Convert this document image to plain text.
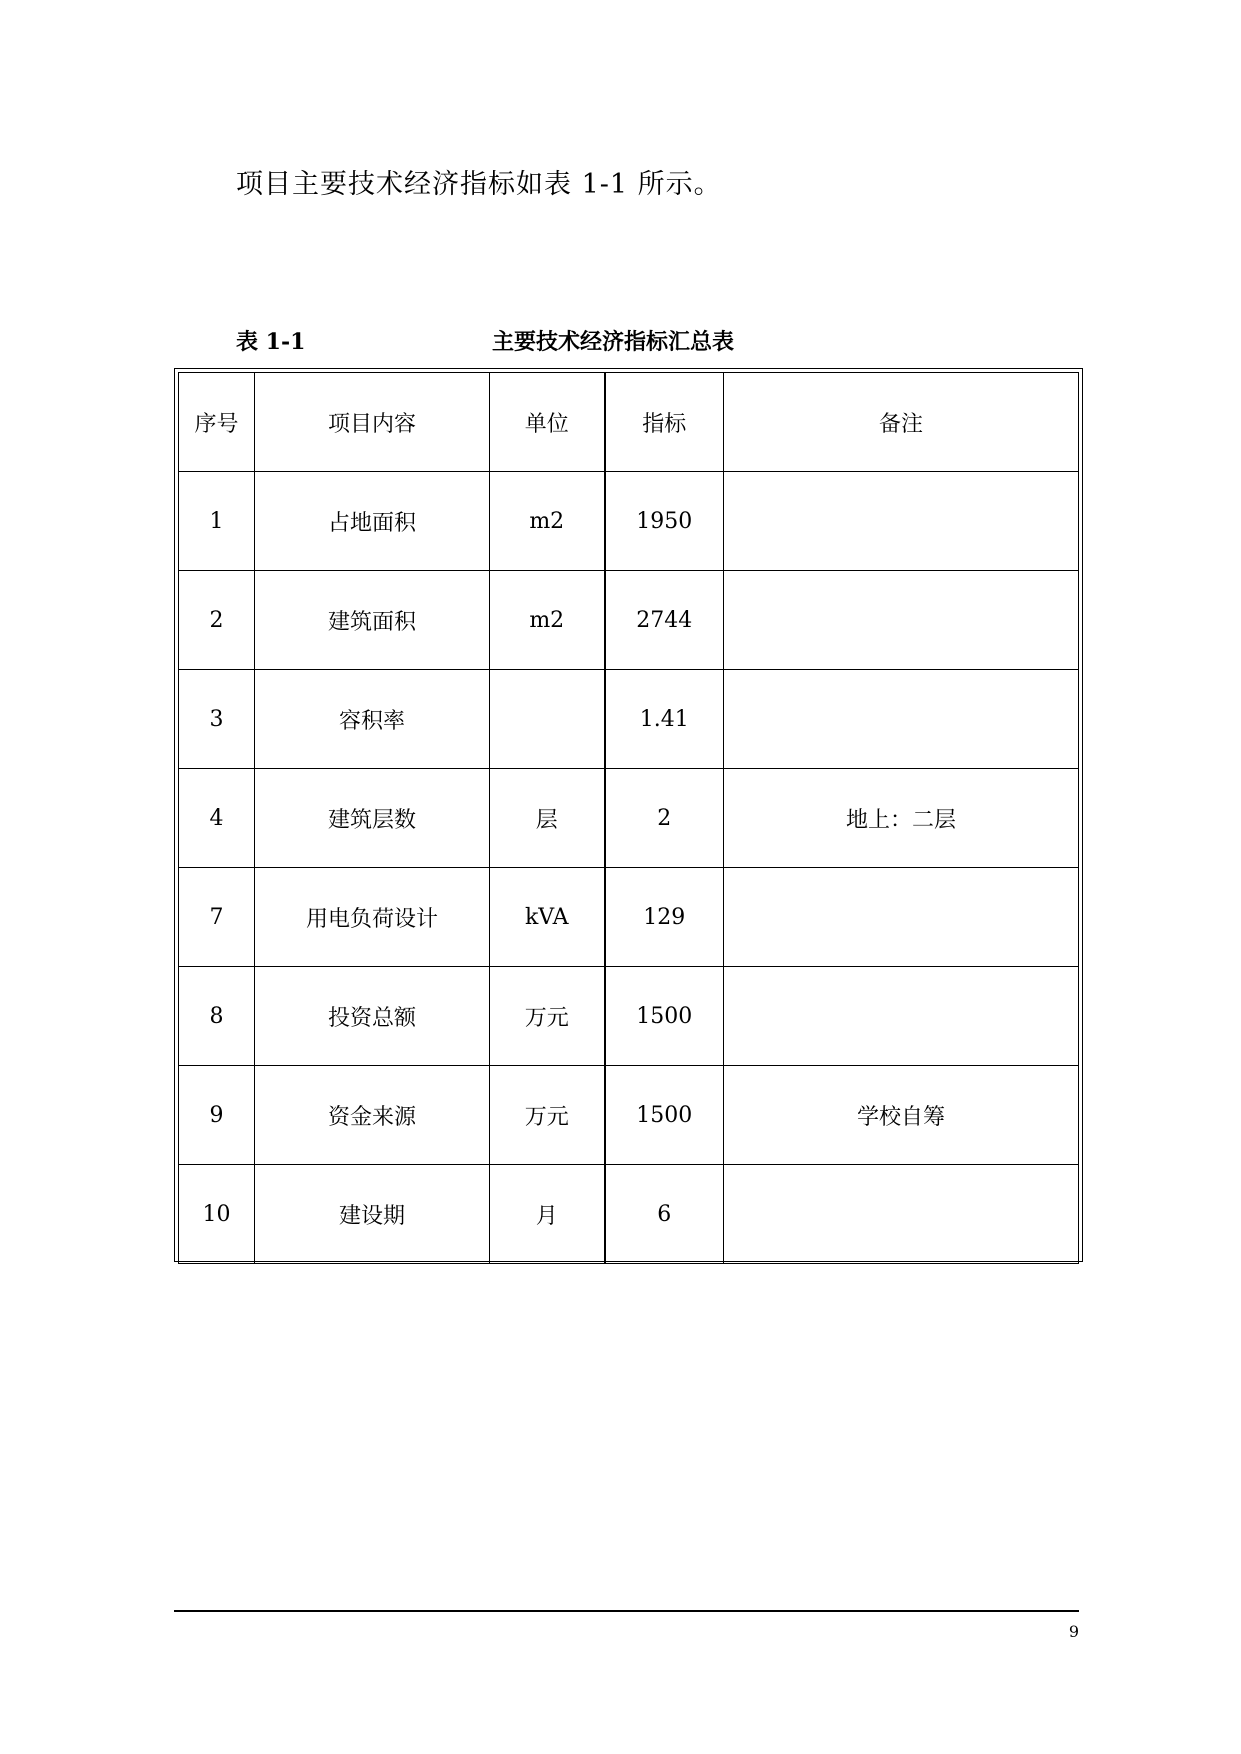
项目主要技术经济指标如表 1-1 所示。
表 1-1	主要技术经济指标汇总表
序号	项目内容	单位	指标	备注
1	占地面积	m2	1950	
2	建筑面积	m2	2744	
3	容积率		1.41	
4	建筑层数	层	2	地上：二层
7	用电负荷设计	kVA	129	
8	投资总额	万元	1500	
9	资金来源	万元	1500	学校自筹
10	建设期	月	6	
9
